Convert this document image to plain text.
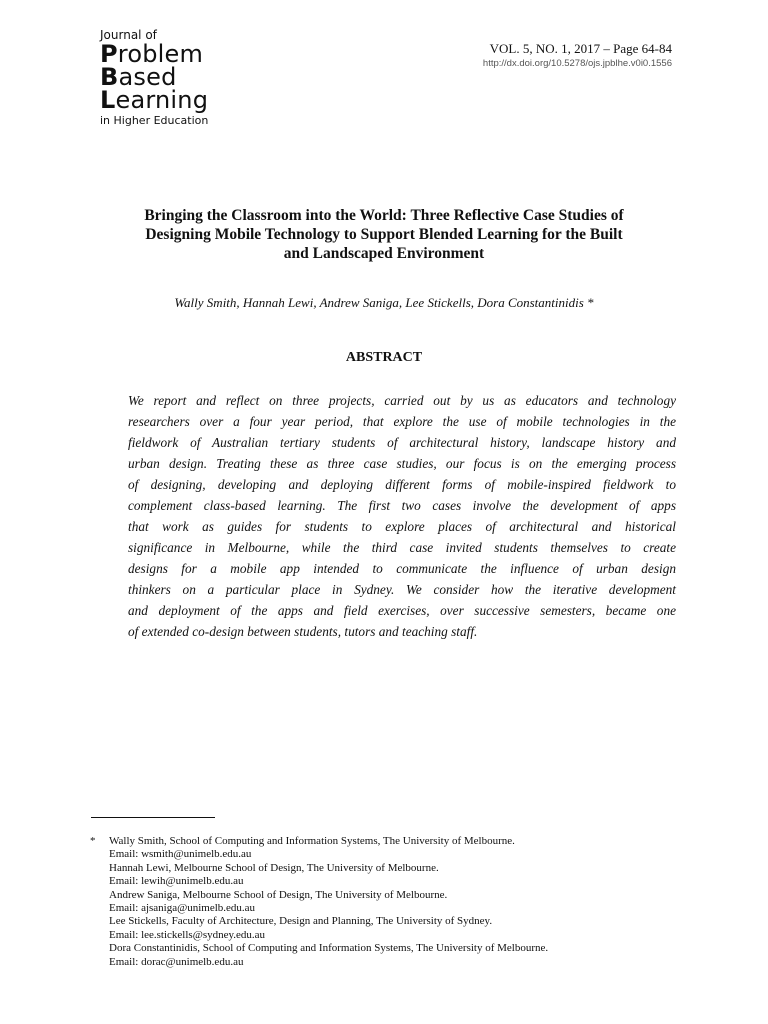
Journal of
Problem
Based
Learning
in Higher Education
VOL. 5, NO. 1, 2017 – Page 64-84
http://dx.doi.org/10.5278/ojs.jpblhe.v0i0.1556
Bringing the Classroom into the World: Three Reflective Case Studies of
Designing Mobile Technology to Support Blended Learning for the Built
and Landscaped Environment
Wally Smith, Hannah Lewi, Andrew Saniga, Lee Stickells, Dora Constantinidis *
ABSTRACT
We report and reflect on three projects, carried out by us as educators and technology
researchers over a four year period, that explore the use of mobile technologies in the
fieldwork of Australian tertiary students of architectural history, landscape history and
urban design. Treating these as three case studies, our focus is on the emerging process
of designing, developing and deploying different forms of mobile-inspired fieldwork to
complement class-based learning. The first two cases involve the development of apps
that work as guides for students to explore places of architectural and historical
significance in Melbourne, while the third case invited students themselves to create
designs for a mobile app intended to communicate the influence of urban design
thinkers on a particular place in Sydney. We consider how the iterative development
and deployment of the apps and field exercises, over successive semesters, became one
of extended co-design between students, tutors and teaching staff.
* Wally Smith, School of Computing and Information Systems, The University of Melbourne.
Email: wsmith@unimelb.edu.au
Hannah Lewi, Melbourne School of Design, The University of Melbourne.
Email: lewih@unimelb.edu.au
Andrew Saniga, Melbourne School of Design, The University of Melbourne.
Email: ajsaniga@unimelb.edu.au
Lee Stickells, Faculty of Architecture, Design and Planning, The University of Sydney.
Email: lee.stickells@sydney.edu.au
Dora Constantinidis, School of Computing and Information Systems, The University of Melbourne.
Email: dorac@unimelb.edu.au
